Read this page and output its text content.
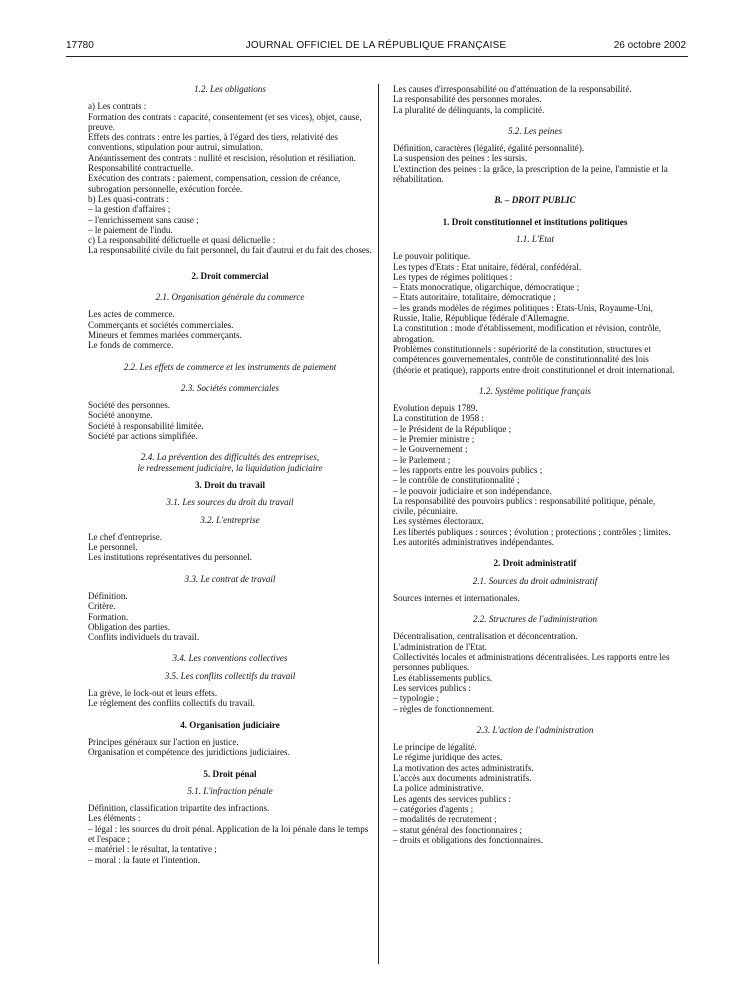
17780	JOURNAL OFFICIEL DE LA RÉPUBLIQUE FRANÇAISE	26 octobre 2002

1.2. Les obligations

a) Les contrats :

Formation des contrats : capacité, consentement (et ses vices), objet, cause, preuve.

Effets des contrats : entre les parties, à l'égard des tiers, relativité des conventions, stipulation pour autrui, simulation.

Anéantissement des contrats : nullité et rescision, résolution et résiliation.

Responsabilité contractuelle.

Exécution des contrats : paiement, compensation, cession de créance, subrogation personnelle, exécution forcée.

b) Les quasi-contrats :

– la gestion d'affaires ;

– l'enrichissement sans cause ;

– le paiement de l'indu.

c) La responsabilité délictuelle et quasi délictuelle :

La responsabilité civile du fait personnel, du fait d'autrui et du fait des choses.

2. Droit commercial

2.1. Organisation générale du commerce

Les actes de commerce.

Commerçants et sociétés commerciales.

Mineurs et femmes mariées commerçants.

Le fonds de commerce.

2.2. Les effets de commerce et les instruments de paiement

2.3. Sociétés commerciales

Société des personnes.

Société anonyme.

Société à responsabilité limitée.

Société par actions simplifiée.

2.4. La prévention des difficultés des entreprises,

le redressement judiciaire, la liquidation judiciaire

3. Droit du travail

3.1. Les sources du droit du travail

3.2. L'entreprise

Le chef d'entreprise.

Le personnel.

Les institutions représentatives du personnel.

3.3. Le contrat de travail

Définition.

Critère.

Formation.

Obligation des parties.

Conflits individuels du travail.

3.4. Les conventions collectives

3.5. Les conflits collectifs du travail

La grève, le lock-out et leurs effets.

Le règlement des conflits collectifs du travail.

4. Organisation judiciaire

Principes généraux sur l'action en justice.

Organisation et compétence des juridictions judiciaires.

5. Droit pénal

5.1. L'infraction pénale

Définition, classification tripartite des infractions.

Les éléments :

– légal : les sources du droit pénal. Application de la loi pénale dans le temps et l'espace ;

– matériel : le résultat, la tentative ;

– moral : la faute et l'intention.

Les causes d'irresponsabilité ou d'atténuation de la responsabilité.

La responsabilité des personnes morales.

La pluralité de délinquants, la complicité.

5.2. Les peines

Définition, caractères (légalité, égalité personnalité).

La suspension des peines : les sursis.

L'extinction des peines : la grâce, la prescription de la peine, l'amnistie et la réhabilitation.

B. – DROIT PUBLIC

1. Droit constitutionnel et institutions politiques

1.1. L'Etat

Le pouvoir politique.

Les types d'Etats : Etat unitaire, fédéral, confédéral.

Les types de régimes politiques :

– Etats monocratique, oligarchique, démocratique ;

– Etats autoritaire, totalitaire, démocratique ;

– les grands modèles de régimes politiques : Etats-Unis, Royaume-Uni, Russie, Italie, République fédérale d'Allemagne.

La constitution : mode d'établissement, modification et révision, contrôle, abrogation.

Problèmes constitutionnels : supériorité de la constitution, structures et compétences gouvernementales, contrôle de constitutionnalité des lois (théorie et pratique), rapports entre droit constitutionnel et droit international.

1.2. Système politique français

Evolution depuis 1789.

La constitution de 1958 :

– le Président de la République ;

– le Premier ministre ;

– le Gouvernement ;

– le Parlement ;

– les rapports entre les pouvoirs publics ;

– le contrôle de constitutionnalité ;

– le pouvoir judiciaire et son indépendance.

La responsabilité des pouvoirs publics : responsabilité politique, pénale, civile, pécuniaire.

Les systèmes électoraux.

Les libertés publiques : sources ; évolution ; protections ; contrôles ; limites.

Les autorités administratives indépendantes.

2. Droit administratif

2.1. Sources du droit administratif

Sources internes et internationales.

2.2. Structures de l'administration

Décentralisation, centralisation et déconcentration.

L'administration de l'Etat.

Collectivités locales et administrations décentralisées. Les rapports entre les personnes publiques.

Les établissements publics.

Les services publics :

– typologie ;

– règles de fonctionnement.

2.3. L'action de l'administration

Le principe de légalité.

Le régime juridique des actes.

La motivation des actes administratifs.

L'accès aux documents administratifs.

La police administrative.

Les agents des services publics :

– catégories d'agents ;

– modalités de recrutement ;

– statut général des fonctionnaires ;

– droits et obligations des fonctionnaires.
